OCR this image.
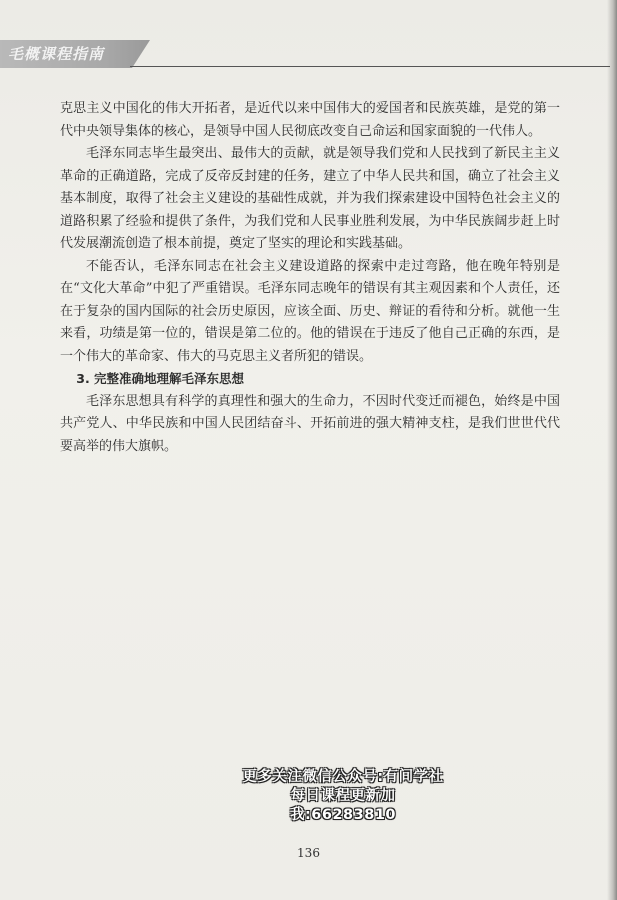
毛概课程指南

克思主义中国化的伟大开拓者，是近代以来中国伟大的爱国者和民族英雄，是党的第一代中央领导集体的核心，是领导中国人民彻底改变自己命运和国家面貌的一代伟人。

毛泽东同志毕生最突出、最伟大的贡献，就是领导我们党和人民找到了新民主主义革命的正确道路，完成了反帝反封建的任务，建立了中华人民共和国，确立了社会主义基本制度，取得了社会主义建设的基础性成就，并为我们探索建设中国特色社会主义的道路积累了经验和提供了条件，为我们党和人民事业胜利发展，为中华民族阔步赶上时代发展潮流创造了根本前提，奠定了坚实的理论和实践基础。

不能否认，毛泽东同志在社会主义建设道路的探索中走过弯路，他在晚年特别是在“文化大革命”中犯了严重错误。毛泽东同志晚年的错误有其主观因素和个人责任，还在于复杂的国内国际的社会历史原因，应该全面、历史、辩证的看待和分析。就他一生来看，功绩是第一位的，错误是第二位的。他的错误在于违反了他自己正确的东西，是一个伟大的革命家、伟大的马克思主义者所犯的错误。

3. 完整准确地理解毛泽东思想

毛泽东思想具有科学的真理性和强大的生命力，不因时代变迁而褪色，始终是中国共产党人、中华民族和中国人民团结奋斗、开拓前进的强大精神支柱，是我们世世代代要高举的伟大旗帜。

更多关注微信公众号:有间学社
每日课程更新加我:66283810
136
